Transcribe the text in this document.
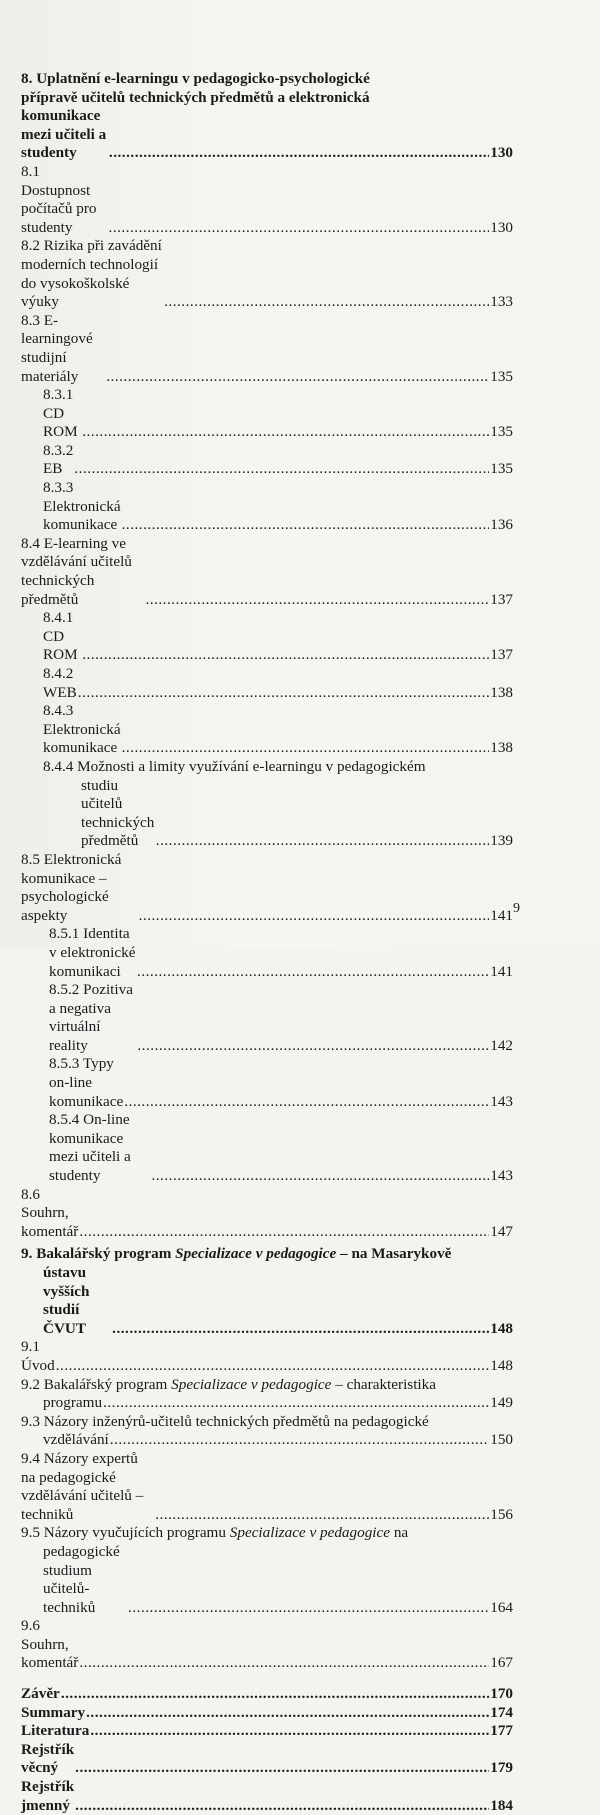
8. Uplatnění e-learningu v pedagogicko-psychologické
přípravě učitelů technických předmětů a elektronická
komunikace mezi učiteli a studenty .....	130
8.1 Dostupnost počítačů pro studenty .....	130
8.2 Rizika při zavádění moderních technologií do vysokoškolské výuky .....	133
8.3 E-learningové studijní materiály .....	135
8.3.1 CD ROM .....	135
8.3.2 EB .....	135
8.3.3 Elektronická komunikace .....	136
8.4 E-learning ve vzdělávání učitelů technických předmětů .....	137
8.4.1 CD ROM .....	137
8.4.2 WEB .....	138
8.4.3 Elektronická komunikace .....	138
8.4.4 Možnosti a limity využívání e-learningu v pedagogickém
studiu učitelů technických předmětů .....	139
8.5 Elektronická komunikace – psychologické aspekty .....	141
8.5.1 Identita v elektronické komunikaci .....	141
8.5.2 Pozitiva a negativa virtuální reality .....	142
8.5.3 Typy on-line komunikace .....	143
8.5.4 On-line komunikace mezi učiteli a studenty .....	143
8.6 Souhrn, komentář .....	147
9. Bakalářský program Specializace v pedagogice – na Masarykově
ústavu vyšších studií ČVUT .....	148
9.1 Úvod .....	148
9.2 Bakalářský program Specializace v pedagogice – charakteristika
programu .....	149
9.3 Názory inženýrů-učitelů technických předmětů na pedagogické
vzdělávání .....	150
9.4 Názory expertů na pedagogické vzdělávání učitelů – techniků .....	156
9.5 Názory vyučujících programu Specializace v pedagogice na
pedagogické studium učitelů-techniků .....	164
9.6 Souhrn, komentář .....	167
Závěr .....	170
Summary .....	174
Literatura .....	177
Rejstřík věcný .....	179
Rejstřík jmenný .....	184
9
